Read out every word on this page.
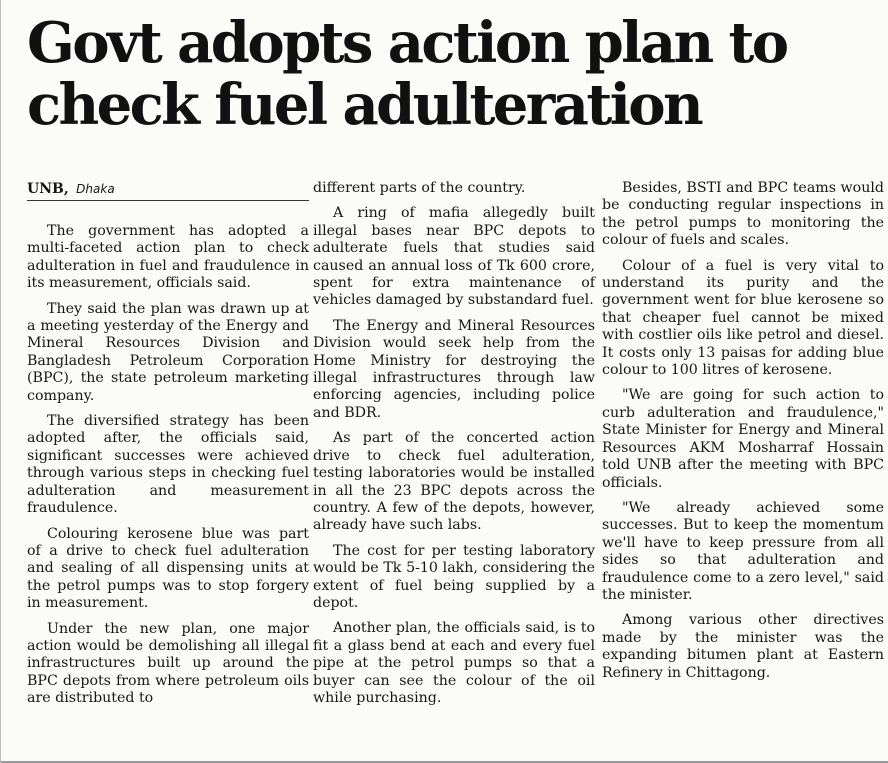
Govt adopts action plan to
check fuel adulteration
UNB, Dhaka

The government has adopted a multi-faceted action plan to check adulteration in fuel and fraudulence in its measurement, officials said.

They said the plan was drawn up at a meeting yesterday of the Energy and Mineral Resources Division and Bangladesh Petroleum Corporation (BPC), the state petroleum marketing company.

The diversified strategy has been adopted after, the officials said, significant successes were achieved through various steps in checking fuel adulteration and measurement fraudulence.

Colouring kerosene blue was part of a drive to check fuel adulteration and sealing of all dispensing units at the petrol pumps was to stop forgery in measurement.

Under the new plan, one major action would be demolishing all illegal infrastructures built up around the BPC depots from where petroleum oils are distributed to

different parts of the country.

A ring of mafia allegedly built illegal bases near BPC depots to adulterate fuels that studies said caused an annual loss of Tk 600 crore, spent for extra maintenance of vehicles damaged by substandard fuel.

The Energy and Mineral Resources Division would seek help from the Home Ministry for destroying the illegal infrastructures through law enforcing agencies, including police and BDR.

As part of the concerted action drive to check fuel adulteration, testing laboratories would be installed in all the 23 BPC depots across the country. A few of the depots, however, already have such labs.

The cost for per testing laboratory would be Tk 5-10 lakh, considering the extent of fuel being supplied by a depot.

Another plan, the officials said, is to fit a glass bend at each and every fuel pipe at the petrol pumps so that a buyer can see the colour of the oil while purchasing.

Besides, BSTI and BPC teams would be conducting regular inspections in the petrol pumps to monitoring the colour of fuels and scales.

Colour of a fuel is very vital to understand its purity and the government went for blue kerosene so that cheaper fuel cannot be mixed with costlier oils like petrol and diesel. It costs only 13 paisas for adding blue colour to 100 litres of kerosene.

"We are going for such action to curb adulteration and fraudulence," State Minister for Energy and Mineral Resources AKM Mosharraf Hossain told UNB after the meeting with BPC officials.

"We already achieved some successes. But to keep the momentum we'll have to keep pressure from all sides so that adulteration and fraudulence come to a zero level," said the minister.

Among various other directives made by the minister was the expanding bitumen plant at Eastern Refinery in Chittagong.
